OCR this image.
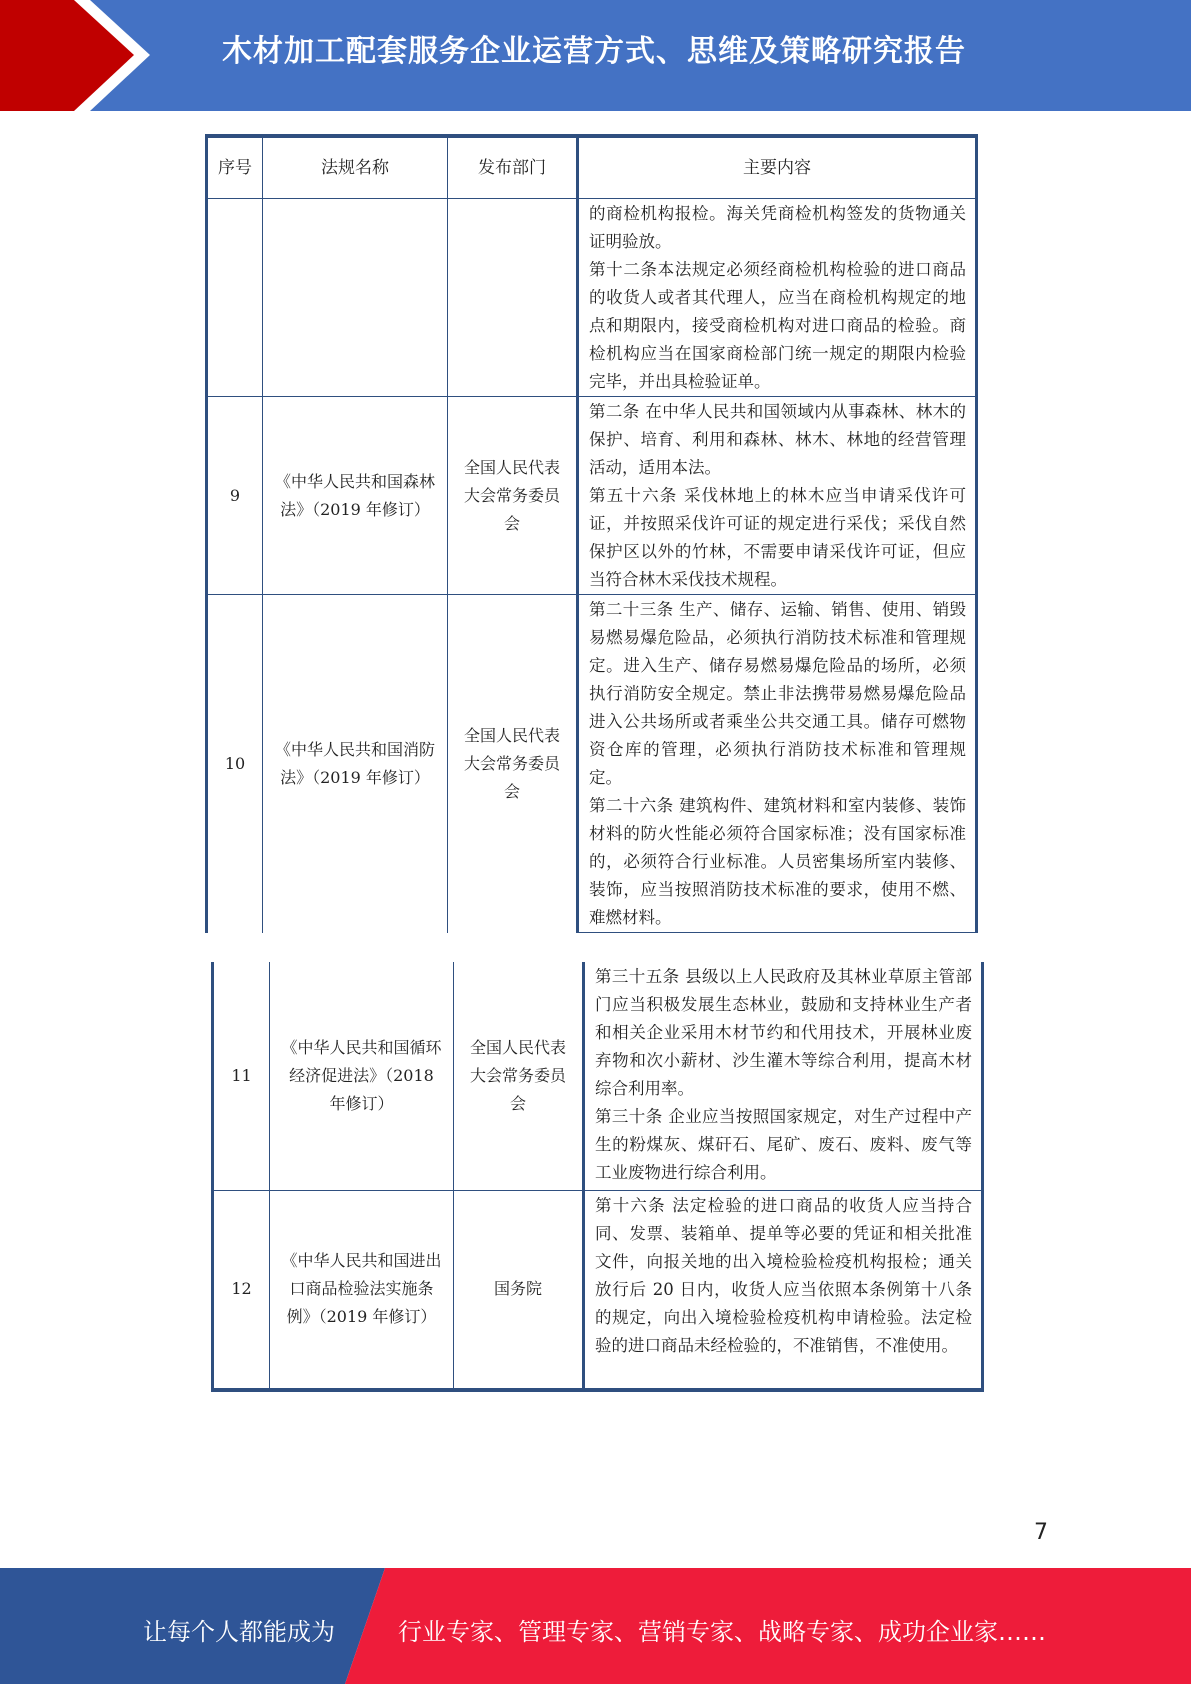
木材加工配套服务企业运营方式、思维及策略研究报告
序号	法规名称	发布部门	主要内容

			的商检机构报检。海关凭商检机构签发的货物通关证明验放。
第十二条本法规定必须经商检机构检验的进口商品的收货人或者其代理人，应当在商检机构规定的地点和期限内，接受商检机构对进口商品的检验。商检机构应当在国家商检部门统一规定的期限内检验完毕，并出具检验证单。

9	《中华人民共和国森林法》（2019 年修订）	全国人民代表大会常务委员会	第二条 在中华人民共和国领域内从事森林、林木的保护、培育、利用和森林、林木、林地的经营管理活动，适用本法。
第五十六条 采伐林地上的林木应当申请采伐许可证，并按照采伐许可证的规定进行采伐；采伐自然保护区以外的竹林，不需要申请采伐许可证，但应当符合林木采伐技术规程。

10	《中华人民共和国消防法》（2019 年修订）	全国人民代表大会常务委员会	第二十三条 生产、储存、运输、销售、使用、销毁易燃易爆危险品，必须执行消防技术标准和管理规定。进入生产、储存易燃易爆危险品的场所，必须执行消防安全规定。禁止非法携带易燃易爆危险品进入公共场所或者乘坐公共交通工具。储存可燃物资仓库的管理，必须执行消防技术标准和管理规定。
第二十六条 建筑构件、建筑材料和室内装修、装饰材料的防火性能必须符合国家标准；没有国家标准的，必须符合行业标准。人员密集场所室内装修、装饰，应当按照消防技术标准的要求，使用不燃、难燃材料。
11	《中华人民共和国循环经济促进法》（2018 年修订）	全国人民代表大会常务委员会	第三十五条 县级以上人民政府及其林业草原主管部门应当积极发展生态林业，鼓励和支持林业生产者和相关企业采用木材节约和代用技术，开展林业废弃物和次小薪材、沙生灌木等综合利用，提高木材综合利用率。
第三十条 企业应当按照国家规定，对生产过程中产生的粉煤灰、煤矸石、尾矿、废石、废料、废气等工业废物进行综合利用。

12	《中华人民共和国进出口商品检验法实施条例》（2019 年修订）	国务院	第十六条 法定检验的进口商品的收货人应当持合同、发票、装箱单、提单等必要的凭证和相关批准文件，向报关地的出入境检验检疫机构报检；通关放行后 20 日内，收货人应当依照本条例第十八条的规定，向出入境检验检疫机构申请检验。法定检验的进口商品未经检验的，不准销售，不准使用。
7
让每个人都能成为	行业专家、管理专家、营销专家、战略专家、成功企业家……
